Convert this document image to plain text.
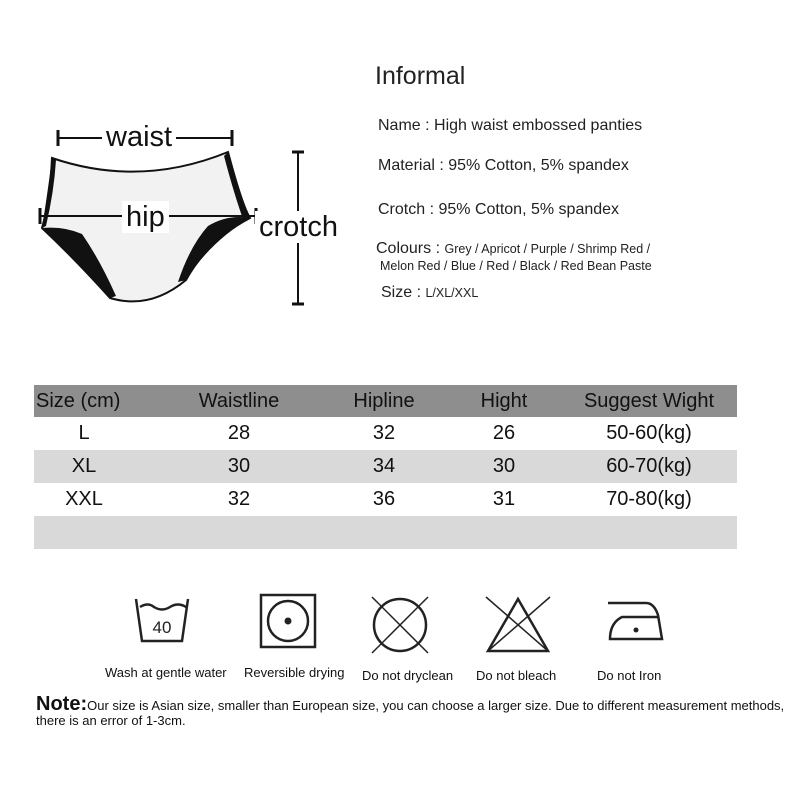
waist
hip	crotch
Informal
Name : High waist embossed panties
Material : 95% Cotton, 5% spandex
Crotch : 95% Cotton, 5% spandex
Colours : Grey / Apricot / Purple / Shrimp Red /
Melon Red / Blue / Red / Black / Red Bean Paste
Size : L/XL/XXL
Size (cm)	Waistline	Hipline	Hight	Suggest Wight
L	28	32	26	50-60(kg)
XL	30	34	30	60-70(kg)
XXL	32	36	31	70-80(kg)
40
Wash at gentle water Reversible drying Do not dryclean Do not bleach	Do not Iron
Note:Our size is Asian size, smaller than European size, you can choose a larger size. Due to different measurement methods, there is an error of 1-3cm.
